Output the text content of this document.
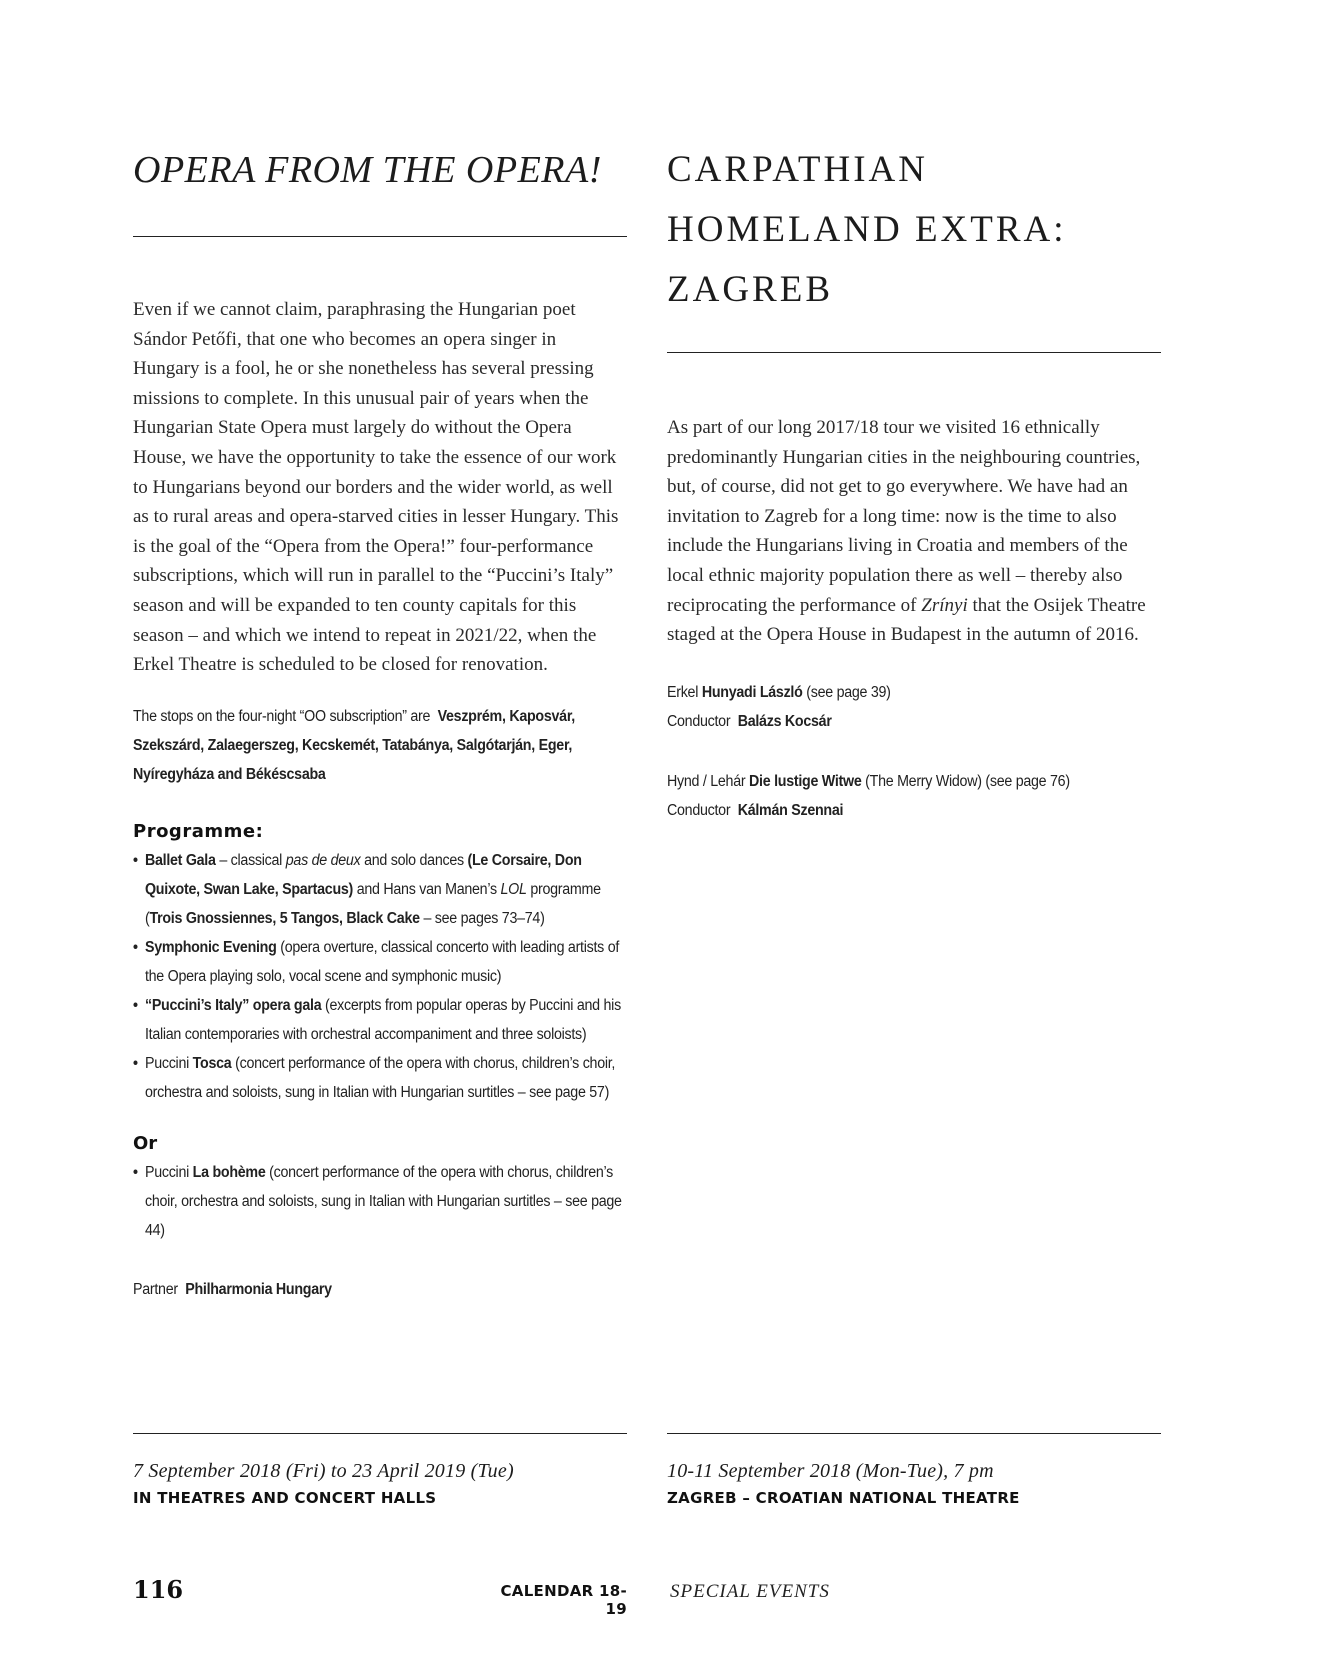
OPERA FROM THE OPERA!

Even if we cannot claim, paraphrasing the Hungarian poet Sándor Petőfi, that one who becomes an opera singer in Hungary is a fool, he or she nonetheless has several pressing missions to complete. In this unusual pair of years when the Hungarian State Opera must largely do without the Opera House, we have the opportunity to take the essence of our work to Hungarians beyond our borders and the wider world, as well as to rural areas and opera-starved cities in lesser Hungary. This is the goal of the “Opera from the Opera!” four-performance subscriptions, which will run in parallel to the “Puccini’s Italy” season and will be expanded to ten county capitals for this season – and which we intend to repeat in 2021/22, when the Erkel Theatre is scheduled to be closed for renovation.

The stops on the four-night “OO subscription” are Veszprém, Kaposvár, Szekszárd, Zalaegerszeg, Kecskemét, Tatabánya, Salgótarján, Eger, Nyíregyháza and Békéscsaba
Programme:
• Ballet Gala – classical pas de deux and solo dances (Le Corsaire, Don Quixote, Swan Lake, Spartacus) and Hans van Manen’s LOL programme (Trois Gnossiennes, 5 Tangos, Black Cake – see pages 73–74)
• Symphonic Evening (opera overture, classical concerto with leading artists of the Opera playing solo, vocal scene and symphonic music)
• “Puccini’s Italy” opera gala (excerpts from popular operas by Puccini and his Italian contemporaries with orchestral accompaniment and three soloists)
• Puccini Tosca (concert performance of the opera with chorus, children’s choir, orchestra and soloists, sung in Italian with Hungarian surtitles – see page 57)
Or
• Puccini La bohème (concert performance of the opera with chorus, children’s choir, orchestra and soloists, sung in Italian with Hungarian surtitles – see page 44)
Partner Philharmonia Hungary
CARPATHIAN
HOMELAND EXTRA:
ZAGREB

As part of our long 2017/18 tour we visited 16 ethnically predominantly Hungarian cities in the neighbouring countries, but, of course, did not get to go everywhere. We have had an invitation to Zagreb for a long time: now is the time to also include the Hungarians living in Croatia and members of the local ethnic majority population there as well – thereby also reciprocating the performance of Zrínyi that the Osijek Theatre staged at the Opera House in Budapest in the autumn of 2016.

Erkel Hunyadi László (see page 39)
Conductor Balázs Kocsár
Hynd / Lehár Die lustige Witwe (The Merry Widow) (see page 76)
Conductor Kálmán Szennai
7 September 2018 (Fri) to 23 April 2019 (Tue)
IN THEATRES AND CONCERT HALLS
10-11 September 2018 (Mon-Tue), 7 pm
ZAGREB – CROATIAN NATIONAL THEATRE
116	CALENDAR 18-19
SPECIAL EVENTS
